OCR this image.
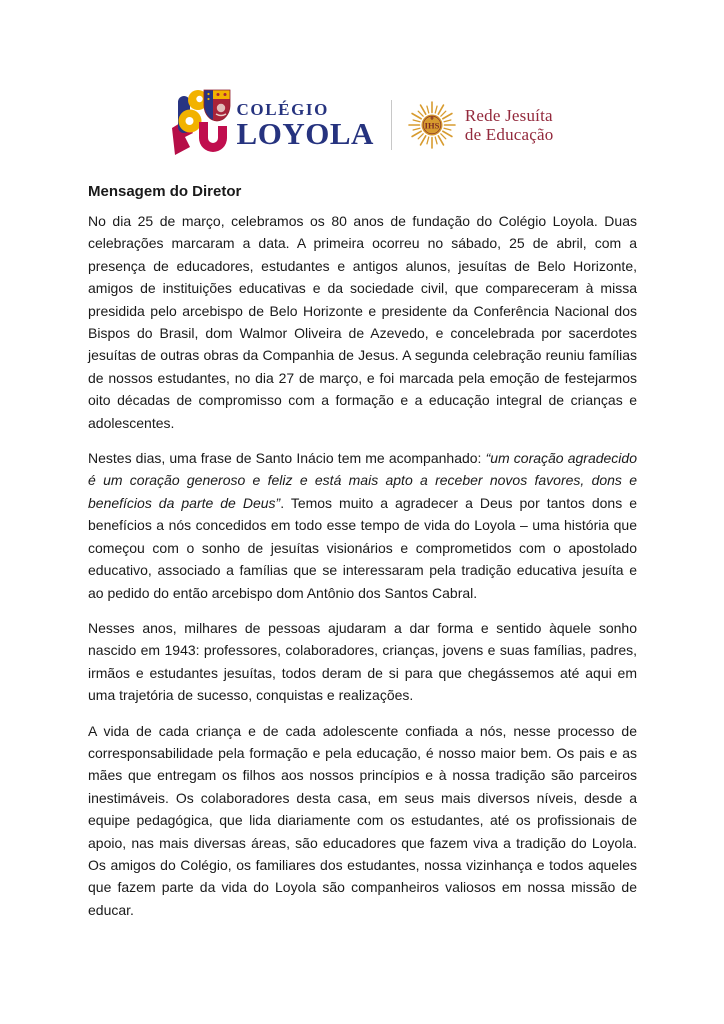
COLÉGIO
LOYOLA	IHS
Rede Jesuíta
de Educação
Mensagem do Diretor

No dia 25 de março, celebramos os 80 anos de fundação do Colégio Loyola. Duas celebrações marcaram a data. A primeira ocorreu no sábado, 25 de abril, com a presença de educadores, estudantes e antigos alunos, jesuítas de Belo Horizonte, amigos de instituições educativas e da sociedade civil, que compareceram à missa presidida pelo arcebispo de Belo Horizonte e presidente da Conferência Nacional dos Bispos do Brasil, dom Walmor Oliveira de Azevedo, e concelebrada por sacerdotes jesuítas de outras obras da Companhia de Jesus. A segunda celebração reuniu famílias de nossos estudantes, no dia 27 de março, e foi marcada pela emoção de festejarmos oito décadas de compromisso com a formação e a educação integral de crianças e adolescentes.

Nestes dias, uma frase de Santo Inácio tem me acompanhado: “um coração agradecido é um coração generoso e feliz e está mais apto a receber novos favores, dons e benefícios da parte de Deus”. Temos muito a agradecer a Deus por tantos dons e benefícios a nós concedidos em todo esse tempo de vida do Loyola – uma história que começou com o sonho de jesuítas visionários e comprometidos com o apostolado educativo, associado a famílias que se interessaram pela tradição educativa jesuíta e ao pedido do então arcebispo dom Antônio dos Santos Cabral.

Nesses anos, milhares de pessoas ajudaram a dar forma e sentido àquele sonho nascido em 1943: professores, colaboradores, crianças, jovens e suas famílias, padres, irmãos e estudantes jesuítas, todos deram de si para que chegássemos até aqui em uma trajetória de sucesso, conquistas e realizações.

A vida de cada criança e de cada adolescente confiada a nós, nesse processo de corresponsabilidade pela formação e pela educação, é nosso maior bem. Os pais e as mães que entregam os filhos aos nossos princípios e à nossa tradição são parceiros inestimáveis. Os colaboradores desta casa, em seus mais diversos níveis, desde a equipe pedagógica, que lida diariamente com os estudantes, até os profissionais de apoio, nas mais diversas áreas, são educadores que fazem viva a tradição do Loyola. Os amigos do Colégio, os familiares dos estudantes, nossa vizinhança e todos aqueles que fazem parte da vida do Loyola são companheiros valiosos em nossa missão de educar.
